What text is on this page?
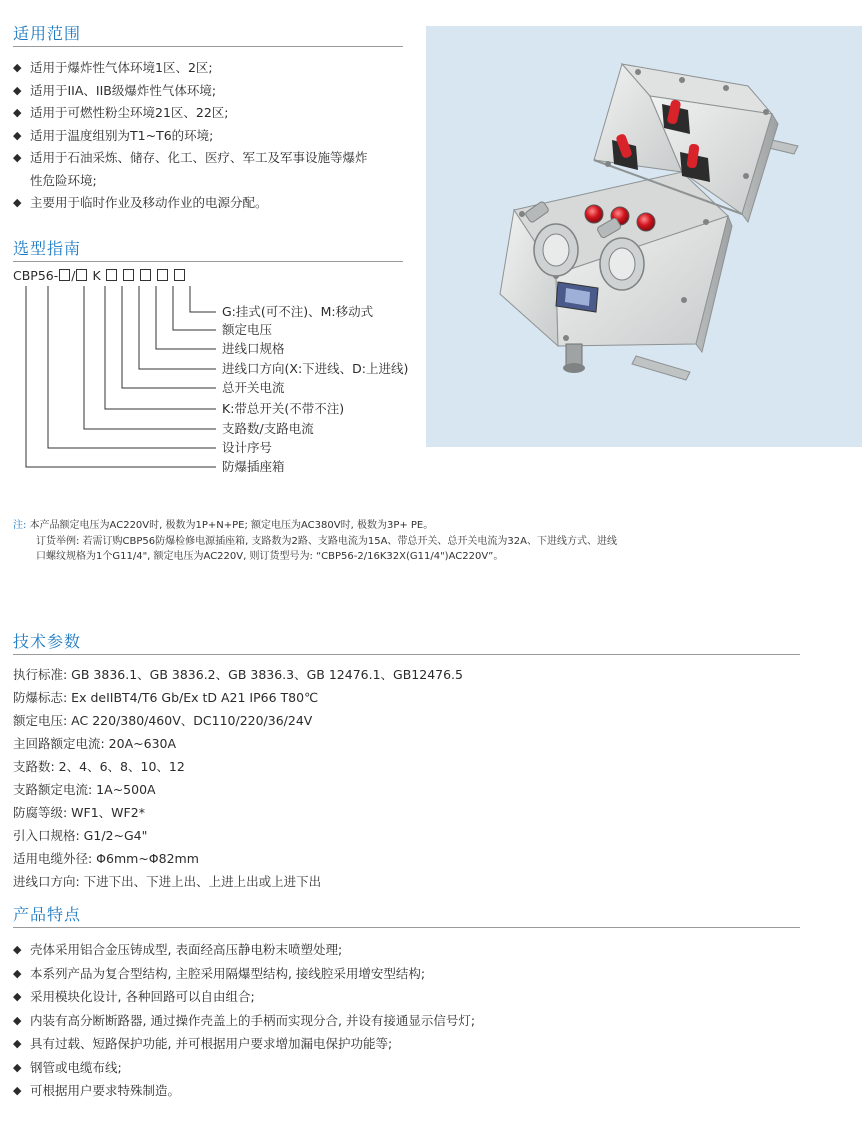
适用范围
◆ 适用于爆炸性气体环境1区、2区;
◆ 适用于IIA、IIB级爆炸性气体环境;
◆ 适用于可燃性粉尘环境21区、22区;
◆ 适用于温度组别为T1~T6的环境;
◆ 适用于石油采炼、储存、化工、医疗、军工及军事设施等爆炸
性危险环境;
◆ 主要用于临时作业及移动作业的电源分配。
选型指南
CBP56- / K
G:挂式(可不注)、M:移动式
额定电压
进线口规格
进线口方向(X:下进线、D:上进线)
总开关电流
K:带总开关(不带不注)
支路数/支路电流
设计序号
防爆插座箱
注: 本产品额定电压为AC220V时, 极数为1P+N+PE; 额定电压为AC380V时, 极数为3P+ PE。
订货举例: 若需订购CBP56防爆检修电源插座箱, 支路数为2路、支路电流为15A、带总开关、总开关电流为32A、下进线方式、进线
口螺纹规格为1个G11/4", 额定电压为AC220V, 则订货型号为: “CBP56-2/16K32X(G11/4")AC220V”。
技术参数
执行标准: GB 3836.1、GB 3836.2、GB 3836.3、GB 12476.1、GB12476.5
防爆标志: Ex deIIBT4/T6 Gb/Ex tD A21 IP66 T80℃
额定电压: AC 220/380/460V、DC110/220/36/24V
主回路额定电流: 20A~630A
支路数: 2、4、6、8、10、12
支路额定电流: 1A~500A
防腐等级: WF1、WF2*
引入口规格: G1/2~G4"
适用电缆外径: Φ6mm~Φ82mm
进线口方向: 下进下出、下进上出、上进上出或上进下出
产品特点
◆ 壳体采用铝合金压铸成型, 表面经高压静电粉末喷塑处理;
◆ 本系列产品为复合型结构, 主腔采用隔爆型结构, 接线腔采用增安型结构;
◆ 采用模块化设计, 各种回路可以自由组合;
◆ 内装有高分断断路器, 通过操作壳盖上的手柄而实现分合, 并设有接通显示信号灯;
◆ 具有过载、短路保护功能, 并可根据用户要求增加漏电保护功能等;
◆ 钢管或电缆布线;
◆ 可根据用户要求特殊制造。
